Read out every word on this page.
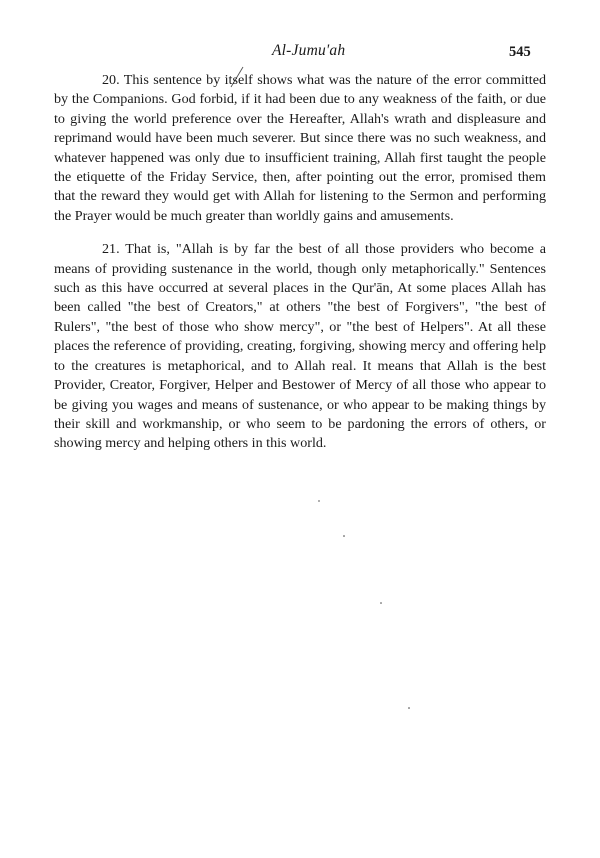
Al-Jumu'ah	545

20. This sentence by itself shows what was the nature of the error committed by the Companions. God forbid, if it had been due to any weakness of the faith, or due to giving the world preference over the Hereafter, Allah's wrath and displeasure and reprimand would have been much severer. But since there was no such weakness, and whatever happened was only due to insufficient training, Allah first taught the people the etiquette of the Friday Service, then, after pointing out the error, promised them that the reward they would get with Allah for listening to the Sermon and performing the Prayer would be much greater than worldly gains and amusements.

21. That is, "Allah is by far the best of all those providers who become a means of providing sustenance in the world, though only metaphorically." Sentences such as this have occurred at several places in the Qur'ān, At some places Allah has been called "the best of Creators," at others "the best of Forgivers", "the best of Rulers", "the best of those who show mercy", or "the best of Helpers". At all these places the reference of providing, creating, forgiving, showing mercy and offering help to the creatures is metaphorical, and to Allah real. It means that Allah is the best Provider, Creator, Forgiver, Helper and Bestower of Mercy of all those who appear to be giving you wages and means of sustenance, or who appear to be making things by their skill and workmanship, or who seem to be pardoning the errors of others, or showing mercy and helping others in this world.
